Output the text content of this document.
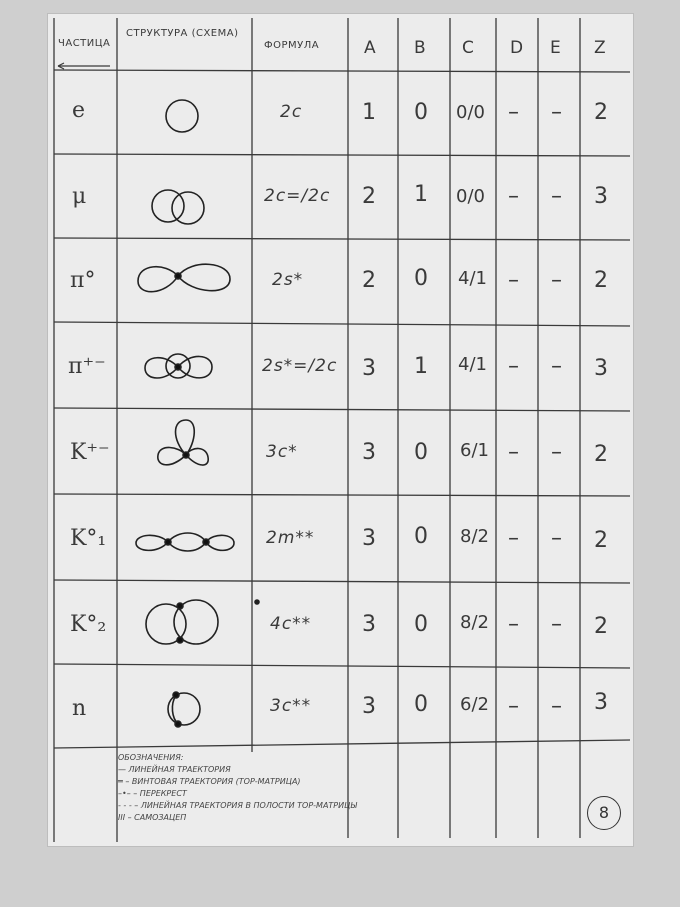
ЧАСТИЦА
СТРУКТУРА (СХЕМА)
ФОРМУЛА	A B C D E Z
e	2c	1 0 0/0 – – 2
μ	2c=/2c 2 1 0/0 – – 3
π°	2s*	2 0 4/1 – – 2
π⁺⁻	2s*=/2c 3 1 4/1 – – 3
K⁺⁻	3c*	3 0 6/1 – – 2
K°₁	2m** 3 0 8/2 – – 2
K°₂	4c** 3 0 8/2 – – 2
n	3c** 3 0 6/2 – – 3
ОБОЗНАЧЕНИЯ:
— ЛИНЕЙНАЯ ТРАЕКТОРИЯ
═ – ВИНТОВАЯ ТРАЕКТОРИЯ (ТОР-МАТРИЦА)
–•– – ПЕРЕКРЕСТ
- - - – ЛИНЕЙНАЯ ТРАЕКТОРИЯ В ПОЛОСТИ ТОР-МАТРИЦЫ
III – САМОЗАЦЕП	8
